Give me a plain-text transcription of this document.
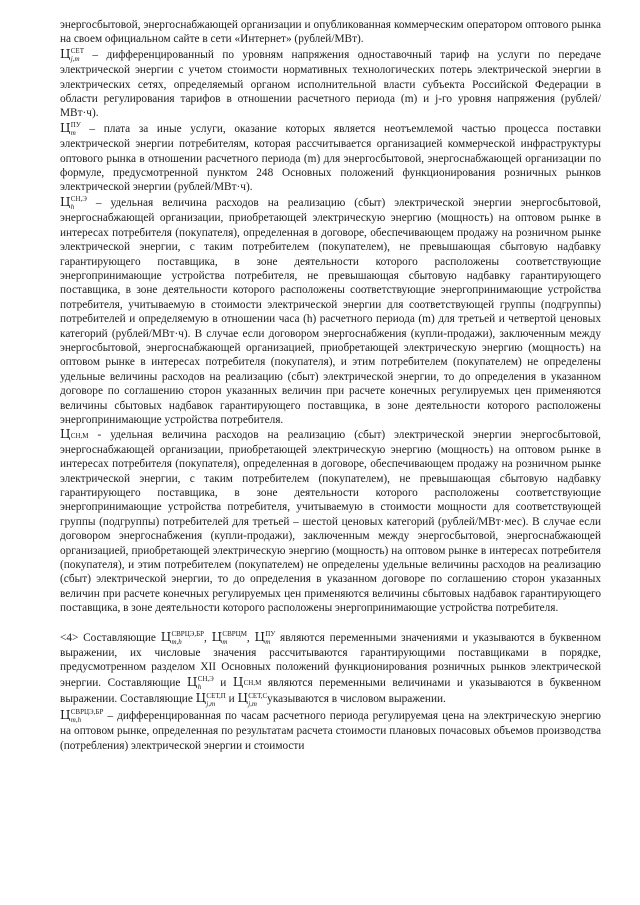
энергосбытовой, энергоснабжающей организации и опубликованная коммерческим оператором оптового рынка на своем официальном сайте в сети «Интернет» (рублей/МВт).

Ц СЕТ
j,m – дифференцированный по уровням напряжения одноставочный тариф на услуги по передаче электрической энергии с учетом стоимости нормативных технологических потерь электрической энергии в электрических сетях, определяемый органом исполнительной власти субъекта Российской Федерации в области регулирования тарифов в отношении расчетного периода (m) и j-го уровня напряжения (рублей/МВт·ч).

Ц ПУ
m – плата за иные услуги, оказание которых является неотъемлемой частью процесса поставки электрической энергии потребителям, которая рассчитывается организацией коммерческой инфраструктуры оптового рынка в отношении расчетного периода (m) для энергосбытовой, энергоснабжающей организации по формуле, предусмотренной пунктом 248 Основных положений функционирования розничных рынков электрической энергии (рублей/МВт·ч).

Ц СН,Э
h	– удельная величина расходов на реализацию (сбыт) электрической энергии энергосбытовой, энергоснабжающей организации, приобретающей электрическую энергию (мощность) на оптовом рынке в интересах потребителя (покупателя), определенная в договоре, обеспечивающем продажу на розничном рынке электрической энергии, с таким потребителем (покупателем), не превышающая сбытовую надбавку гарантирующего поставщика, в зоне деятельности которого расположены соответствующие энергопринимающие устройства потребителя, не превышающая сбытовую надбавку гарантирующего поставщика, в зоне деятельности которого расположены соответствующие энергопринимающие устройства потребителя, учитываемую в стоимости электрической энергии для соответствующей группы (подгруппы) потребителей и определяемую в отношении часа (h) расчетного периода (m) для третьей и четвертой ценовых категорий (рублей/МВт·ч). В случае если договором энергоснабжения (купли-продажи), заключенным между энергосбытовой, энергоснабжающей организацией, приобретающей электрическую энергию (мощность) на оптовом рынке в интересах потребителя (покупателя), и этим потребителем (покупателем) не определены удельные величины расходов на реализацию (сбыт) электрической энергии, то до определения в указанном договоре по соглашению сторон указанных величин при расчете конечных регулируемых цен применяются величины сбытовых надбавок гарантирующего поставщика, в зоне деятельности которого расположены энергопринимающие устройства потребителя.

Ц СН,М - удельная величина расходов на реализацию (сбыт) электрической энергии энергосбытовой, энергоснабжающей организации, приобретающей электрическую энергию (мощность) на оптовом рынке в интересах потребителя (покупателя), определенная в договоре, обеспечивающем продажу на розничном рынке электрической энергии, с таким потребителем (покупателем), не превышающая сбытовую надбавку гарантирующего поставщика, в зоне деятельности которого расположены соответствующие энергопринимающие устройства потребителя, учитываемую в стоимости мощности для соответствующей группы (подгруппы) потребителей для третьей – шестой ценовых категорий (рублей/МВт·мес). В случае если договором энергоснабжения (купли-продажи), заключенным между энергосбытовой, энергоснабжающей организацией, приобретающей электрическую энергию (мощность) на оптовом рынке в интересах потребителя (покупателя), и этим потребителем (покупателем) не определены удельные величины расходов на реализацию (сбыт) электрической энергии, то до определения в указанном договоре по соглашению сторон указанных величин при расчете конечных регулируемых цен применяются величины сбытовых надбавок гарантирующего поставщика, в зоне деятельности которого расположены энергопринимающие устройства потребителя.

<4> Составляющие Ц СВРЦЭ,БР
m,h	, Ц СВРЦМ
m	, Ц ПУ
m являются переменными значениями и указываются в буквенном выражении, их числовые значения рассчитываются гарантирующими поставщиками в порядке, предусмотренном разделом XII Основных положений функционирования розничных рынков электрической энергии. Составляющие Ц СН,Э
h	и Ц СН,М являются переменными величинами и указываются в буквенном выражении. Составляющие Ц СЕТ,П
j,m и Ц СЕТ,С
j,m указываются в числовом выражении.

Ц СВРЦЭ,БР
m,h	– дифференцированная по часам расчетного периода регулируемая цена на электрическую энергию на оптовом рынке, определенная по результатам расчета стоимости плановых почасовых объемов производства (потребления) электрической энергии и стоимости
